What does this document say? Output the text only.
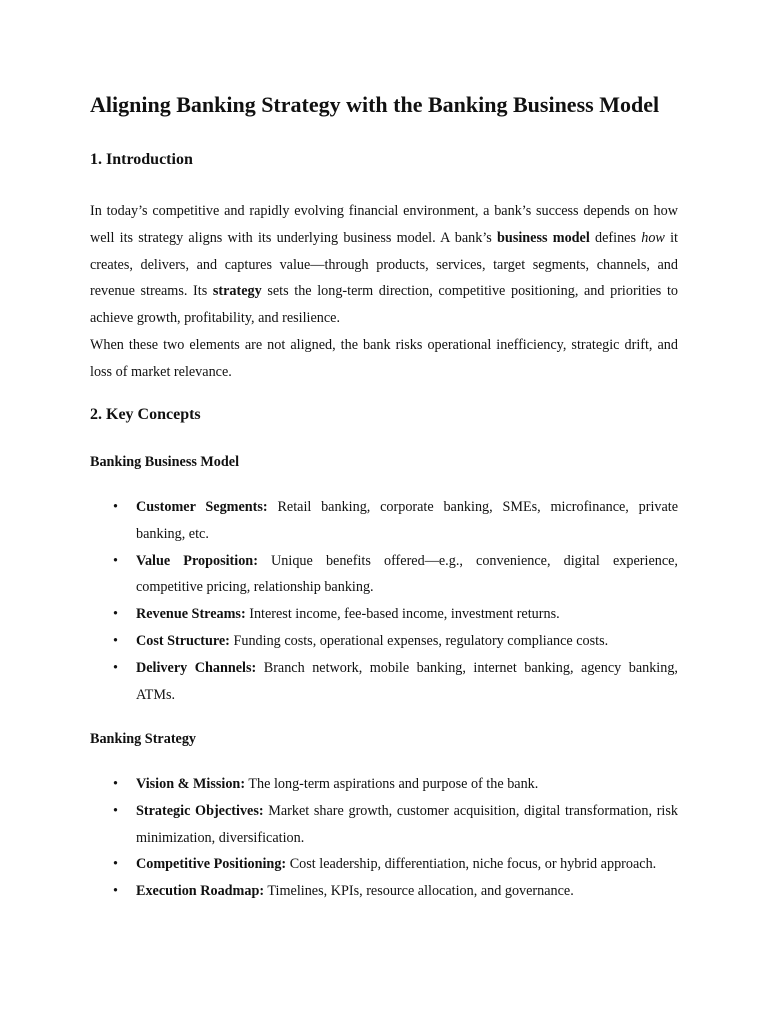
Aligning Banking Strategy with the Banking Business Model
1. Introduction

In today’s competitive and rapidly evolving financial environment, a bank’s success depends on how well its strategy aligns with its underlying business model. A bank’s business model defines how it creates, delivers, and captures value—through products, services, target segments, channels, and revenue streams. Its strategy sets the long-term direction, competitive positioning, and priorities to achieve growth, profitability, and resilience.
When these two elements are not aligned, the bank risks operational inefficiency, strategic drift, and loss of market relevance.

2. Key Concepts

Banking Business Model

• Customer Segments: Retail banking, corporate banking, SMEs, microfinance, private banking, etc.
• Value Proposition: Unique benefits offered—e.g., convenience, digital experience, competitive pricing, relationship banking.
• Revenue Streams: Interest income, fee-based income, investment returns.
• Cost Structure: Funding costs, operational expenses, regulatory compliance costs.
• Delivery Channels: Branch network, mobile banking, internet banking, agency banking, ATMs.

Banking Strategy

• Vision & Mission: The long-term aspirations and purpose of the bank.
• Strategic Objectives: Market share growth, customer acquisition, digital transformation, risk minimization, diversification.
• Competitive Positioning: Cost leadership, differentiation, niche focus, or hybrid approach.
• Execution Roadmap: Timelines, KPIs, resource allocation, and governance.
